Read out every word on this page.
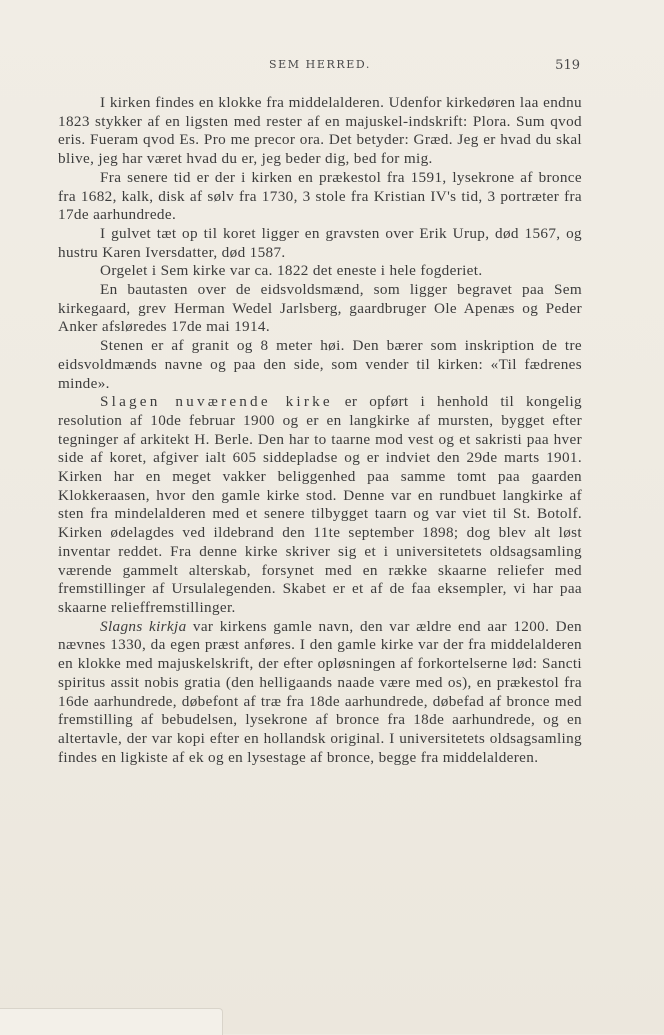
SEM HERRED.	519

I kirken findes en klokke fra middelalderen. Udenfor kirkedøren laa endnu 1823 stykker af en ligsten med rester af en majuskel-indskrift: Plora. Sum qvod eris. Fueram qvod Es. Pro me precor ora. Det betyder: Græd. Jeg er hvad du skal blive, jeg har været hvad du er, jeg beder dig, bed for mig.

Fra senere tid er der i kirken en prækestol fra 1591, lysekrone af bronce fra 1682, kalk, disk af sølv fra 1730, 3 stole fra Kristian IV's tid, 3 portræter fra 17de aarhundrede.

I gulvet tæt op til koret ligger en gravsten over Erik Urup, død 1567, og hustru Karen Iversdatter, død 1587.

Orgelet i Sem kirke var ca. 1822 det eneste i hele fogderiet.

En bautasten over de eidsvoldsmænd, som ligger begravet paa Sem kirkegaard, grev Herman Wedel Jarlsberg, gaardbruger Ole Apenæs og Peder Anker afsløredes 17de mai 1914.

Stenen er af granit og 8 meter høi. Den bærer som inskription de tre eidsvoldmænds navne og paa den side, som vender til kirken: «Til fædrenes minde».

Slagen nuværende kirke er opført i henhold til kongelig resolution af 10de februar 1900 og er en langkirke af mursten, bygget efter tegninger af arkitekt H. Berle. Den har to taarne mod vest og et sakristi paa hver side af koret, afgiver ialt 605 siddepladse og er indviet den 29de marts 1901. Kirken har en meget vakker beliggenhed paa samme tomt paa gaarden Klokkeraasen, hvor den gamle kirke stod. Denne var en rundbuet langkirke af sten fra mindelalderen med et senere tilbygget taarn og var viet til St. Botolf. Kirken ødelagdes ved ildebrand den 11te september 1898; dog blev alt løst inventar reddet. Fra denne kirke skriver sig et i universitetets oldsagsamling værende gammelt alterskab, forsynet med en række skaarne reliefer med fremstillinger af Ursulalegenden. Skabet er et af de faa eksempler, vi har paa skaarne relieffremstillinger.

Slagns kirkja var kirkens gamle navn, den var ældre end aar 1200. Den nævnes 1330, da egen præst anføres. I den gamle kirke var der fra middelalderen en klokke med majuskelskrift, der efter opløsningen af forkortelserne lød: Sancti spiritus assit nobis gratia (den helligaands naade være med os), en prækestol fra 16de aarhundrede, døbefont af træ fra 18de aarhundrede, døbefad af bronce med fremstilling af bebudelsen, lysekrone af bronce fra 18de aarhundrede, og en altertavle, der var kopi efter en hollandsk original. I universitetets oldsagsamling findes en ligkiste af ek og en lysestage af bronce, begge fra middelalderen.
